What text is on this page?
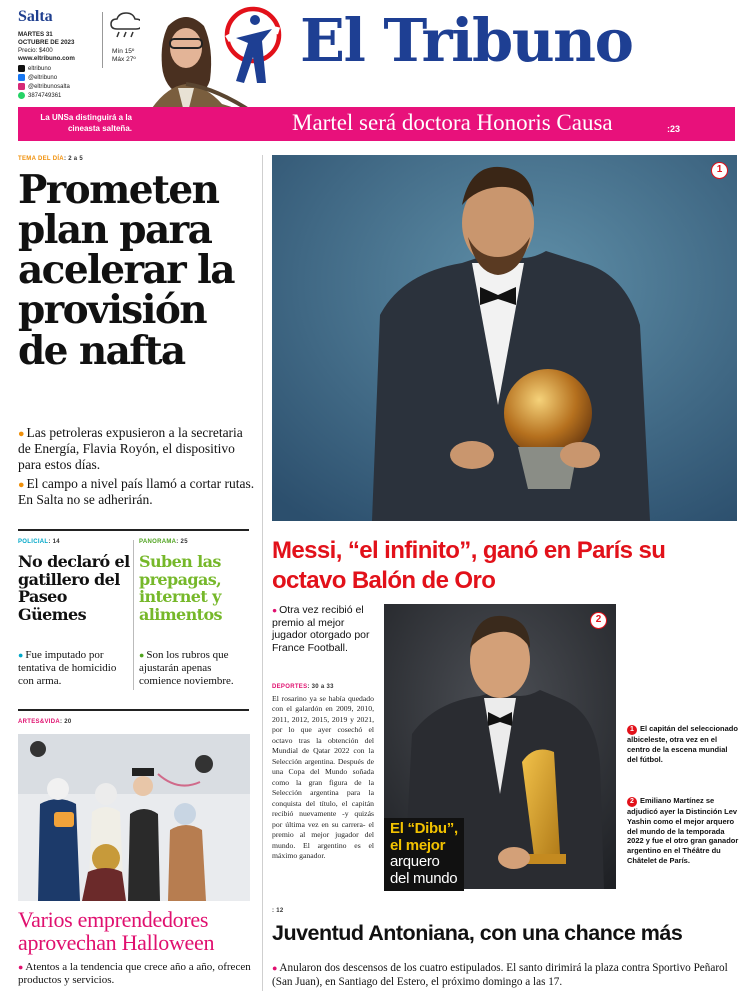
Salta
MARTES 31
OCTUBRE DE 2023
Precio: $400
www.eltribuno.com
eltribuno
@eltribuno
@eltribunosalta
3874749361
Mín 15º
Máx 27º	El Tribuno
La UNSa distinguirá a la cineasta salteña.	Martel será doctora Honoris Causa	:23
TEMA DEL DÍA: 2 a 5
Prometen plan para acelerar la provisión de nafta
● Las petroleras expusieron a la secretaria de Energía, Flavia Royón, el dispositivo para estos días.
● El campo a nivel país llamó a cortar rutas. En Salta no se adherirán.
POLICIAL: 14
No declaró el gatillero del Paseo Güemes
● Fue imputado por tentativa de homicidio con arma.
PANORAMA: 25
Suben las prepagas, internet y alimentos
● Son los rubros que ajustarán apenas comience noviembre.
ARTES&VIDA: 20
Varios emprendedores aprovechan Halloween
● Atentos a la tendencia que crece año a año, ofrecen productos y servicios.
1
Messi, “el infinito”, ganó en París su octavo Balón de Oro
● Otra vez recibió el premio al mejor jugador otorgado por France Football.
DEPORTES: 30 a 33
El rosarino ya se había quedado con el galardón en 2009, 2010, 2011, 2012, 2015, 2019 y 2021, por lo que ayer cosechó el octavo tras la obtención del Mundial de Qatar 2022 con la Selección argentina. Después de una Copa del Mundo soñada como la gran figura de la Selección argentina para la conquista del título, el capitán recibió nuevamente -y quizás por última vez en su carrera- el premio al mejor jugador del mundo. El argentino es el máximo ganador.
2
El “Dibu”,
el mejor
arquero
del mundo
1 El capitán del seleccionado albiceleste, otra vez en el centro de la escena mundial del fútbol.
2 Emiliano Martínez se adjudicó ayer la Distinción Lev Yashin como el mejor arquero del mundo de la temporada 2022 y fue el otro gran ganador argentino en el Théâtre du Châtelet de París.
: 12
Juventud Antoniana, con una chance más
● Anularon dos descensos de los cuatro estipulados. El santo dirimirá la plaza contra Sportivo Peñarol (San Juan), en Santiago del Estero, el próximo domingo a las 17.
